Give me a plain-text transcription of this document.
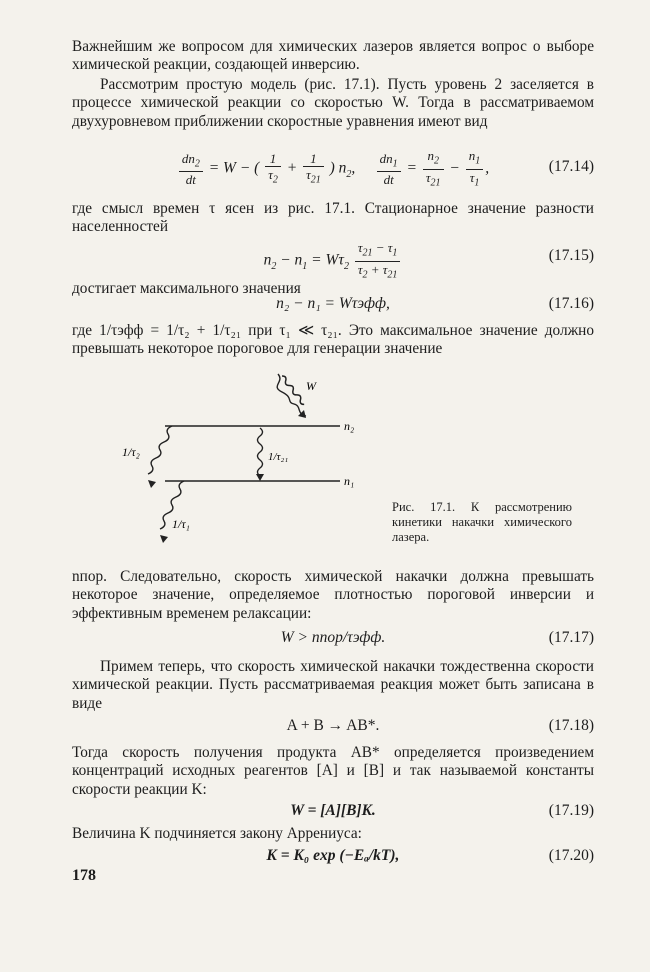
Важнейшим же вопросом для химических лазеров является вопрос о выборе химической реакции, создающей инверсию.

Рассмотрим простую модель (рис. 17.1). Пусть уровень 2 заселяется в процессе химической реакции со скоростью W. Тогда в рассматриваемом двухуровневом приближении скоростные уравнения имеют вид

$\frac{dn_2}{dt} = W$ − ( $\frac{1}{\tau_2} + \frac{1}{\tau_{21}}$ ) $n_2$, $\frac{dn_1}{dt} = \frac{n_2}{\tau_{21}} - \frac{n_1}{\tau_1}$ ,	(17.14)

где смысл времен τ ясен из рис. 17.1. Стационарное значение разности населенностей

$n_2 - n_1 = W\tau_2 \frac{\tau_{21} - \tau_1}{\tau_2 + \tau_{21}}$	(17.15)

достигает максимального значения

n₂ − n₁ = Wτэфф,	(17.16)

где 1/τэфф = 1/τ₂ + 1/τ₂₁ при τ₁ ≪ τ₂₁. Это максимальное значение должно превышать некоторое пороговое для генерации значение

W
n₂
n₁
1/τ₂₁
1/τ₂
1/τ₁
Рис. 17.1. К рассмотрению кинетики накачки химического лазера.

nпор. Следовательно, скорость химической накачки должна превышать некоторое значение, определяемое плотностью пороговой инверсии и эффективным временем релаксации:

W > nпор/τэфф.	(17.17)

Примем теперь, что скорость химической накачки тождественна скорости химической реакции. Пусть рассматриваемая реакция может быть записана в виде

A + B → AB*.	(17.18)

Тогда скорость получения продукта AB* определяется произведением концентраций исходных реагентов [A] и [B] и так называемой константы скорости реакции K:

W = [A][B]K.	(17.19)

Величина K подчиняется закону Аррениуса:

K = K₀ exp (−Eₐ/kT),	(17.20)
178
